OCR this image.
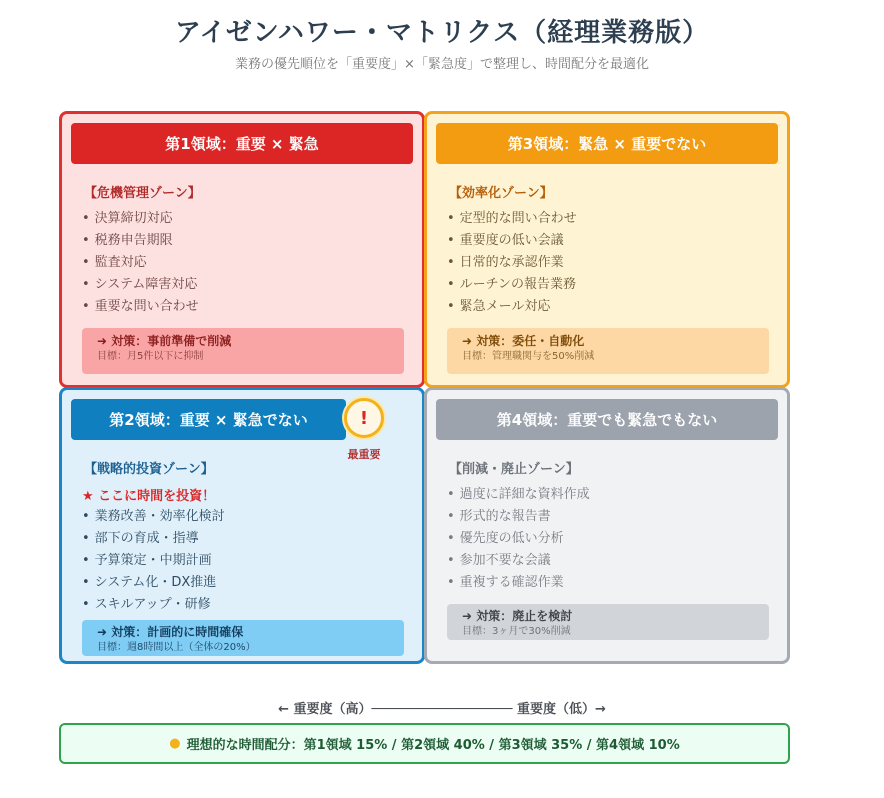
アイゼンハワー・マトリクス（経理業務版）
業務の優先順位を「重要度」×「緊急度」で整理し、時間配分を最適化
第1領域：重要 × 緊急
【危機管理ゾーン】
• 決算締切対応
• 税務申告期限
• 監査対応
• システム障害対応
• 重要な問い合わせ
➜ 対策：事前準備で削減
目標：月5件以下に抑制
第3領域：緊急 × 重要でない
【効率化ゾーン】
• 定型的な問い合わせ
• 重要度の低い会議
• 日常的な承認作業
• ルーチンの報告業務
• 緊急メール対応
➜ 対策：委任・自動化
目標：管理職関与を50%削減
第2領域：重要 × 緊急でない
【戦略的投資ゾーン】
★ ここに時間を投資！
• 業務改善・効率化検討
• 部下の育成・指導
• 予算策定・中期計画
• システム化・DX推進
• スキルアップ・研修
➜ 対策：計画的に時間確保
目標：週8時間以上（全体の20%）
第4領域：重要でも緊急でもない
【削減・廃止ゾーン】
• 過度に詳細な資料作成
• 形式的な報告書
• 優先度の低い分析
• 参加不要な会議
• 重複する確認作業
➜ 対策：廃止を検討
目標：3ヶ月で30%削減
!
最重要
← 重要度（高）────────────────── 重要度（低）→
● 理想的な時間配分：第1領域 15% / 第2領域 40% / 第3領域 35% / 第4領域 10%
